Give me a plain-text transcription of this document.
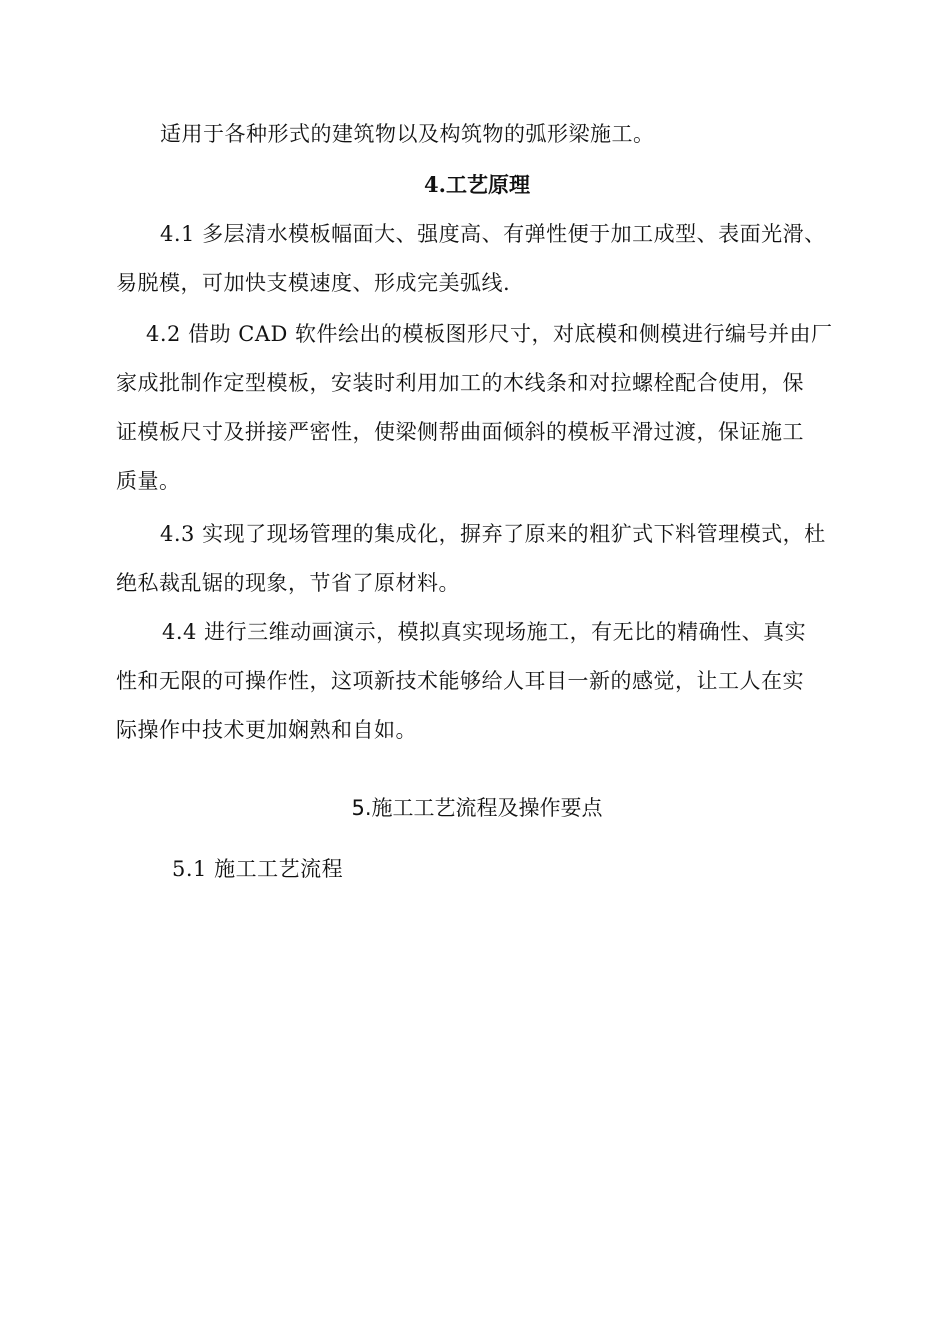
适用于各种形式的建筑物以及构筑物的弧形梁施工。

4.工艺原理

4.1 多层清水模板幅面大、强度高、有弹性便于加工成型、表面光滑、
易脱模，可加快支模速度、形成完美弧线.

4.2 借助 CAD 软件绘出的模板图形尺寸，对底模和侧模进行编号并由厂
家成批制作定型模板，安装时利用加工的木线条和对拉螺栓配合使用，保
证模板尺寸及拼接严密性，使梁侧帮曲面倾斜的模板平滑过渡，保证施工
质量。

4.3 实现了现场管理的集成化，摒弃了原来的粗犷式下料管理模式，杜
绝私裁乱锯的现象，节省了原材料。

4.4 进行三维动画演示，模拟真实现场施工，有无比的精确性、真实
性和无限的可操作性，这项新技术能够给人耳目一新的感觉，让工人在实
际操作中技术更加娴熟和自如。

5.施工工艺流程及操作要点

5.1 施工工艺流程
